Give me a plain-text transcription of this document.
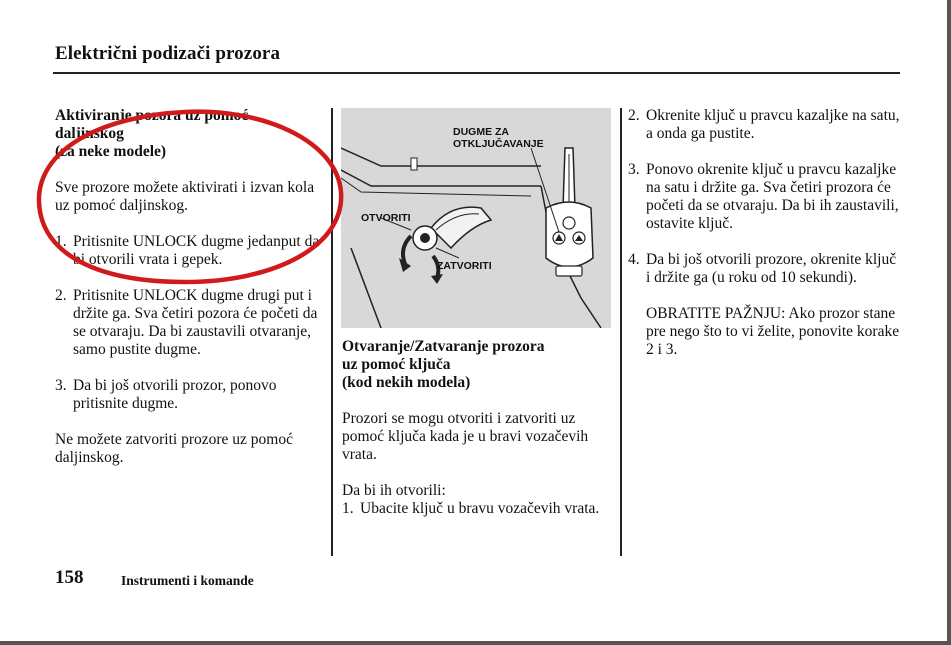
Električni podizači prozora
Aktiviranje pozora uz pomoć
daljinskog
(za neke modele)
Sve prozore možete aktivirati i izvan kola uz pomoć daljinskog.
1. Pritisnite UNLOCK dugme jedanput da bi otvorili vrata i gepek.
2. Pritisnite UNLOCK dugme drugi put i držite ga. Sva četiri pozora će početi da se otvaraju. Da bi zaustavili otvaranje, samo pustite dugme.
3. Da bi još otvorili prozor, ponovo pritisnite dugme.
Ne možete zatvoriti prozore uz pomoć daljinskog.
DUGME ZA
OTKLJUČAVANJE
OTVORITI
ZATVORITI
Otvaranje/Zatvaranje prozora
uz pomoć ključa
(kod nekih modela)
Prozori se mogu otvoriti i zatvoriti uz pomoć ključa kada je u bravi vozačevih vrata.
Da bi ih otvorili:
1. Ubacite ključ u bravu vozačevih vrata.
2. Okrenite ključ u pravcu kazaljke na satu, a onda ga pustite.
3. Ponovo okrenite ključ u pravcu kazaljke na satu i držite ga. Sva četiri prozora će početi da se otvaraju. Da bi ih zaustavili, ostavite ključ.
4. Da bi još otvorili prozore, okrenite ključ i držite ga (u roku od 10 sekundi).
OBRATITE PAŽNJU: Ako prozor stane pre nego što to vi želite, ponovite korake 2 i 3.
158	Instrumenti i komande
